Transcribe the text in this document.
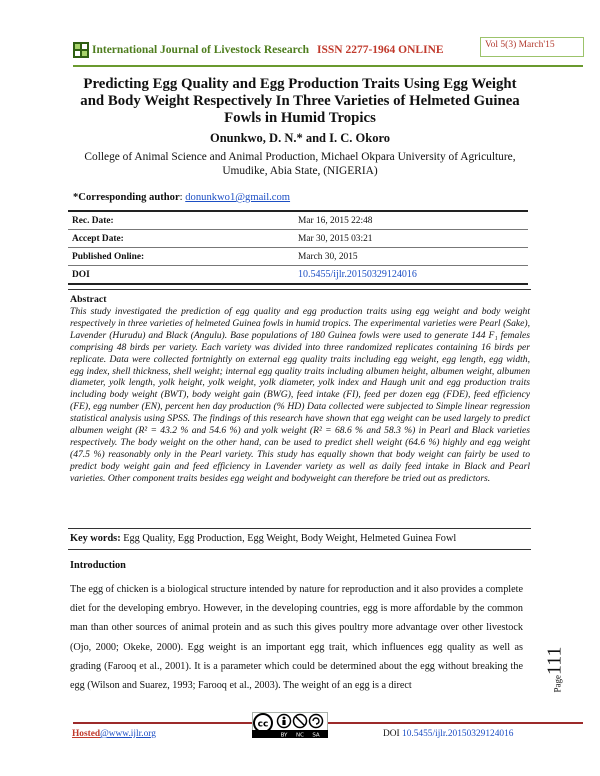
International Journal of Livestock Research ISSN 2277-1964 ONLINE	Vol 5(3) March'15
Predicting Egg Quality and Egg Production Traits Using Egg Weight and Body Weight Respectively In Three Varieties of Helmeted Guinea Fowls in Humid Tropics
Onunkwo, D. N.* and I. C. Okoro
College of Animal Science and Animal Production, Michael Okpara University of Agriculture, Umudike, Abia State, (NIGERIA)
*Corresponding author: donunkwo1@gmail.com
Rec. Date:	Mar 16, 2015 22:48
Accept Date:	Mar 30, 2015 03:21
Published Online:	March 30, 2015
DOI	10.5455/ijlr.20150329124016
Abstract
This study investigated the prediction of egg quality and egg production traits using egg weight and body weight respectively in three varieties of helmeted Guinea fowls in humid tropics. The experimental varieties were Pearl (Sake), Lavender (Hurudu) and Black (Angulu). Base populations of 180 Guinea fowls were used to generate 144 F₁ females comprising 48 birds per variety. Each variety was divided into three randomized replicates containing 16 birds per replicate. Data were collected fortnightly on external egg quality traits including egg weight, egg length, egg width, egg index, shell thickness, shell weight; internal egg quality traits including albumen height, albumen weight, albumen diameter, yolk length, yolk height, yolk weight, yolk diameter, yolk index and Haugh unit and egg production traits including body weight (BWT), body weight gain (BWG), feed intake (FI), feed per dozen egg (FDE), feed efficiency (FE), egg number (EN), percent hen day production (% HD) Data collected were subjected to Simple linear regression statistical analysis using SPSS. The findings of this research have shown that egg weight can be used largely to predict albumen weight (R² = 43.2 % and 54.6 %) and yolk weight (R² = 68.6 % and 58.3 %) in Pearl and Black varieties respectively. The body weight on the other hand, can be used to predict shell weight (64.6 %) highly and egg weight (47.5 %) reasonably only in the Pearl variety. This study has equally shown that body weight can fairly be used to predict body weight gain and feed efficiency in Lavender variety as well as daily feed intake in Black and Pearl varieties. Other component traits besides egg weight and bodyweight can therefore be tried out as predictors.
Key words: Egg Quality, Egg Production, Egg Weight, Body Weight, Helmeted Guinea Fowl
Introduction
The egg of chicken is a biological structure intended by nature for reproduction and it also provides a complete diet for the developing embryo. However, in the developing countries, egg is more affordable by the common man than other sources of animal protein and as such this gives poultry more advantage over other livestock (Ojo, 2000; Okeke, 2000). Egg weight is an important egg trait, which influences egg quality as well as grading (Farooq et al., 2001). It is a parameter which could be determined about the egg without breaking the egg (Wilson and Suarez, 1993; Farooq et al., 2003). The weight of an egg is a direct	Page111
Hosted@www.ijlr.org
cc
BY NC SA	DOI 10.5455/ijlr.20150329124016
